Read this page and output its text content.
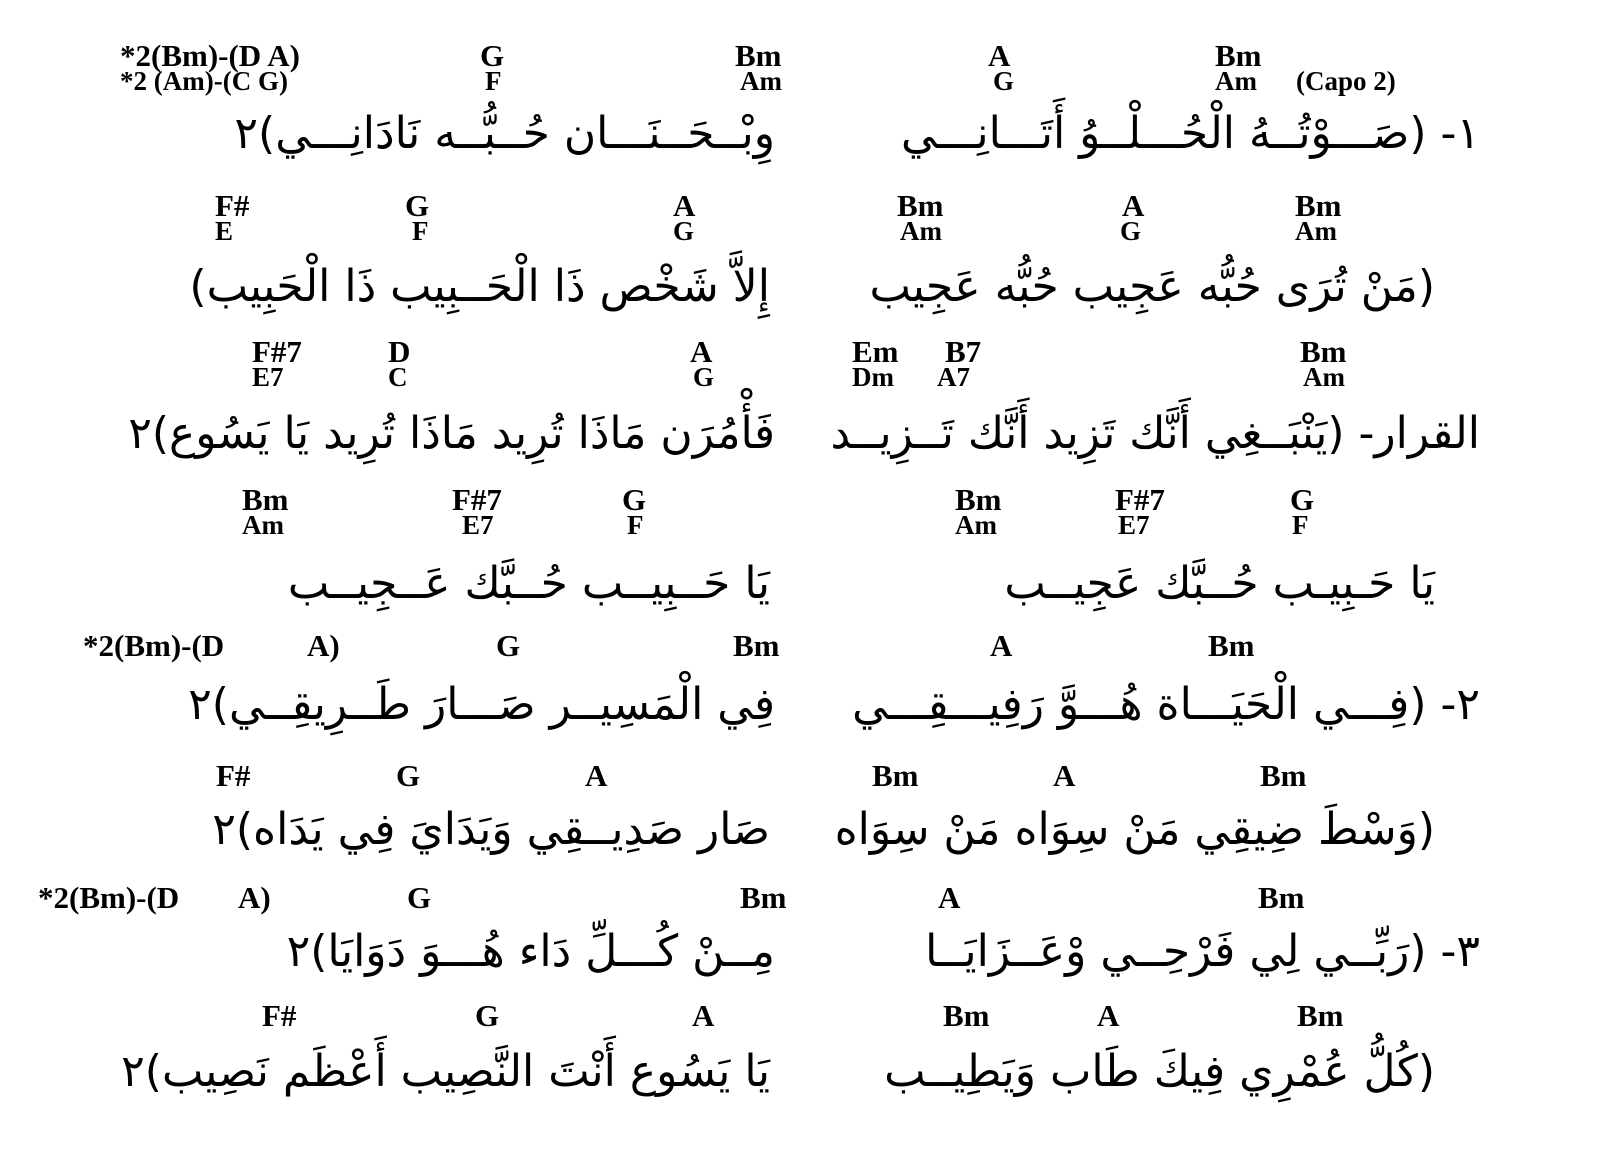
(Capo 2)
*2(Bm)-(D A)	G	Bm	A	Bm
*2 (Am)-(C G)	F	Am	G	Am
١- (صَـــوْتُــهُ الْحُـــلْــوُ أَتَـــانِـــي
وِبْــحَــنَـــان حُــبُّــه نَادَانِـــي)٢
F#	G	A	Bm	A	Bm
E	F	G	Am	G	Am
(مَنْ تُرَى حُبُّه عَجِيب حُبُّه عَجِيب
إِلاَّ شَخْص ذَا الْحَــبِيب ذَا الْحَبِيب)
F#7	D	A	Em B7	Bm
E7	C	G	Dm A7	Am
القرار- (يَنْبَــغِي أَنَّك تَزِيد أَنَّك تَــزِيــد
فَأْمُرَن مَاذَا تُرِيد مَاذَا تُرِيد يَا يَسُوع)٢
Bm	F#7	G	Bm	F#7	G
Am	E7	F	Am	E7	F
يَا حَـبِيـب حُــبَّك عَجِيــب
يَا حَــبِيــب حُــبَّك عَــجِيــب
*2(Bm)-(D	A)	G	Bm	A	Bm
٢- (فِـــي الْحَيَـــاة هُـــوَّ رَفِيـــقِـــي
فِي الْمَسِيــر صَـــارَ طَــرِيقِــي)٢
F#	G	A	Bm	A	Bm
(وَسْطَ ضِيقِي مَنْ سِوَاه مَنْ سِوَاه
صَار صَدِيــقِي وَيَدَايَ فِي يَدَاه)٢
*2(Bm)-(D A)	G	Bm	A	Bm
٣- (رَبِّــي لِي فَرْحِــي وْعَــزَايَــا
مِــنْ كُـــلِّ دَاء هُـــوَ دَوَايَا)٢
F#	G	A	Bm	A	Bm
(كُلُّ عُمْرِي فِيكَ طَاب وَيَطِيــب
يَا يَسُوع أَنْتَ النَّصِيب أَعْظَم نَصِيب)٢
